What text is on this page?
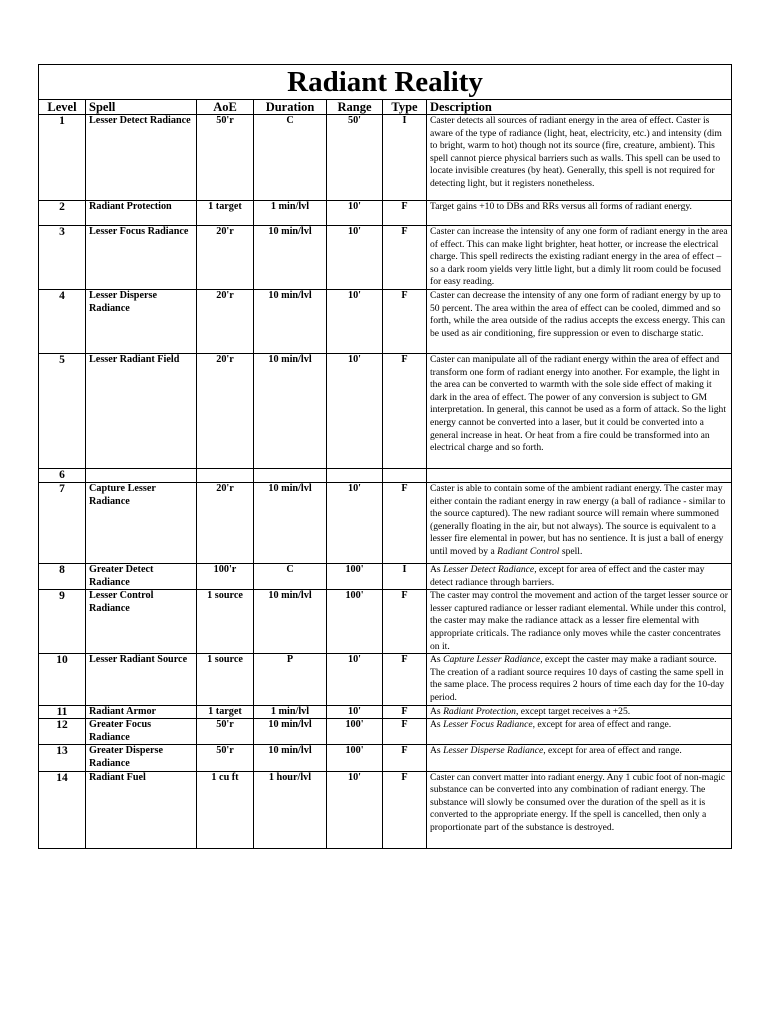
Radiant Reality						
Level	Spell	AoE	Duration	Range	Type	Description
1	Lesser Detect Radiance	50'r	C	50'	I	Caster detects all sources of radiant energy in the area of effect. Caster is aware of the type of radiance (light, heat, electricity, etc.) and intensity (dim to bright, warm to hot) though not its source (fire, creature, ambient). This spell cannot pierce physical barriers such as walls. This spell can be used to locate invisible creatures (by heat). Generally, this spell is not required for detecting light, but it registers nonetheless.
2	Radiant Protection	1 target	1 min/lvl	10'	F	Target gains +10 to DBs and RRs versus all forms of radiant energy.
3	Lesser Focus Radiance	20'r	10 min/lvl	10'	F	Caster can increase the intensity of any one form of radiant energy in the area of effect. This can make light brighter, heat hotter, or increase the electrical charge. This spell redirects the existing radiant energy in the area of effect – so a dark room yields very little light, but a dimly lit room could be focused for easy reading.
4	Lesser Disperse Radiance	20'r	10 min/lvl	10'	F	Caster can decrease the intensity of any one form of radiant energy by up to 50 percent. The area within the area of effect can be cooled, dimmed and so forth, while the area outside of the radius accepts the excess energy. This can be used as air conditioning, fire suppression or even to discharge static.
5	Lesser Radiant Field	20'r	10 min/lvl	10'	F	Caster can manipulate all of the radiant energy within the area of effect and transform one form of radiant energy into another. For example, the light in the area can be converted to warmth with the sole side effect of making it dark in the area of effect. The power of any conversion is subject to GM interpretation. In general, this cannot be used as a form of attack. So the light energy cannot be converted into a laser, but it could be converted into a general increase in heat. Or heat from a fire could be transformed into an electrical charge and so forth.
6						
7	Capture Lesser Radiance	20'r	10 min/lvl	10'	F	Caster is able to contain some of the ambient radiant energy. The caster may either contain the radiant energy in raw energy (a ball of radiance - similar to the source captured). The new radiant source will remain where summoned (generally floating in the air, but not always). The source is equivalent to a lesser fire elemental in power, but has no sentience. It is just a ball of energy until moved by a Radiant Control spell.
8	Greater Detect Radiance	100'r	C	100'	I	As Lesser Detect Radiance, except for area of effect and the caster may detect radiance through barriers.
9	Lesser Control Radiance	1 source	10 min/lvl	100'	F	The caster may control the movement and action of the target lesser source or lesser captured radiance or lesser radiant elemental. While under this control, the caster may make the radiance attack as a lesser fire elemental with appropriate criticals. The radiance only moves while the caster concentrates on it.
10	Lesser Radiant Source	1 source	P	10'	F	As Capture Lesser Radiance, except the caster may make a radiant source. The creation of a radiant source requires 10 days of casting the same spell in the same place. The process requires 2 hours of time each day for the 10-day period.
11	Radiant Armor	1 target	1 min/lvl	10'	F	As Radiant Protection, except target receives a +25.
12	Greater Focus Radiance	50'r	10 min/lvl	100'	F	As Lesser Focus Radiance, except for area of effect and range.
13	Greater Disperse Radiance	50'r	10 min/lvl	100'	F	As Lesser Disperse Radiance, except for area of effect and range.
14	Radiant Fuel	1 cu ft	1 hour/lvl	10'	F	Caster can convert matter into radiant energy. Any 1 cubic foot of non-magic substance can be converted into any combination of radiant energy. The substance will slowly be consumed over the duration of the spell as it is converted to the appropriate energy. If the spell is cancelled, then only a proportionate part of the substance is destroyed.
